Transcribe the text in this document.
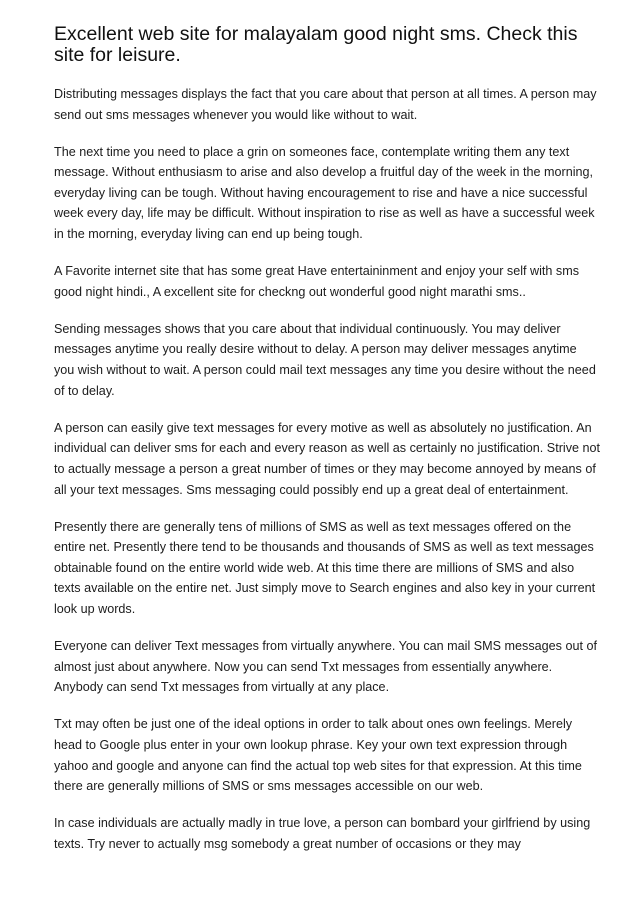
Excellent web site for malayalam good night sms. Check this site for leisure.

Distributing messages displays the fact that you care about that person at all times. A person may send out sms messages whenever you would like without to wait.

The next time you need to place a grin on someones face, contemplate writing them any text message. Without enthusiasm to arise and also develop a fruitful day of the week in the morning, everyday living can be tough. Without having encouragement to rise and have a nice successful week every day, life may be difficult. Without inspiration to rise as well as have a successful week in the morning, everyday living can end up being tough.

A Favorite internet site that has some great Have entertaininment and enjoy your self with sms good night hindi., A excellent site for checkng out wonderful good night marathi sms..

Sending messages shows that you care about that individual continuously. You may deliver messages anytime you really desire without to delay. A person may deliver messages anytime you wish without to wait. A person could mail text messages any time you desire without the need of to delay.

A person can easily give text messages for every motive as well as absolutely no justification. An individual can deliver sms for each and every reason as well as certainly no justification. Strive not to actually message a person a great number of times or they may become annoyed by means of all your text messages. Sms messaging could possibly end up a great deal of entertainment.

Presently there are generally tens of millions of SMS as well as text messages offered on the entire net. Presently there tend to be thousands and thousands of SMS as well as text messages obtainable found on the entire world wide web. At this time there are millions of SMS and also texts available on the entire net. Just simply move to Search engines and also key in your current look up words.

Everyone can deliver Text messages from virtually anywhere. You can mail SMS messages out of almost just about anywhere. Now you can send Txt messages from essentially anywhere. Anybody can send Txt messages from virtually at any place.

Txt may often be just one of the ideal options in order to talk about ones own feelings. Merely head to Google plus enter in your own lookup phrase. Key your own text expression through yahoo and google and anyone can find the actual top web sites for that expression. At this time there are generally millions of SMS or sms messages accessible on our web.

In case individuals are actually madly in true love, a person can bombard your girlfriend by using texts. Try never to actually msg somebody a great number of occasions or they may
